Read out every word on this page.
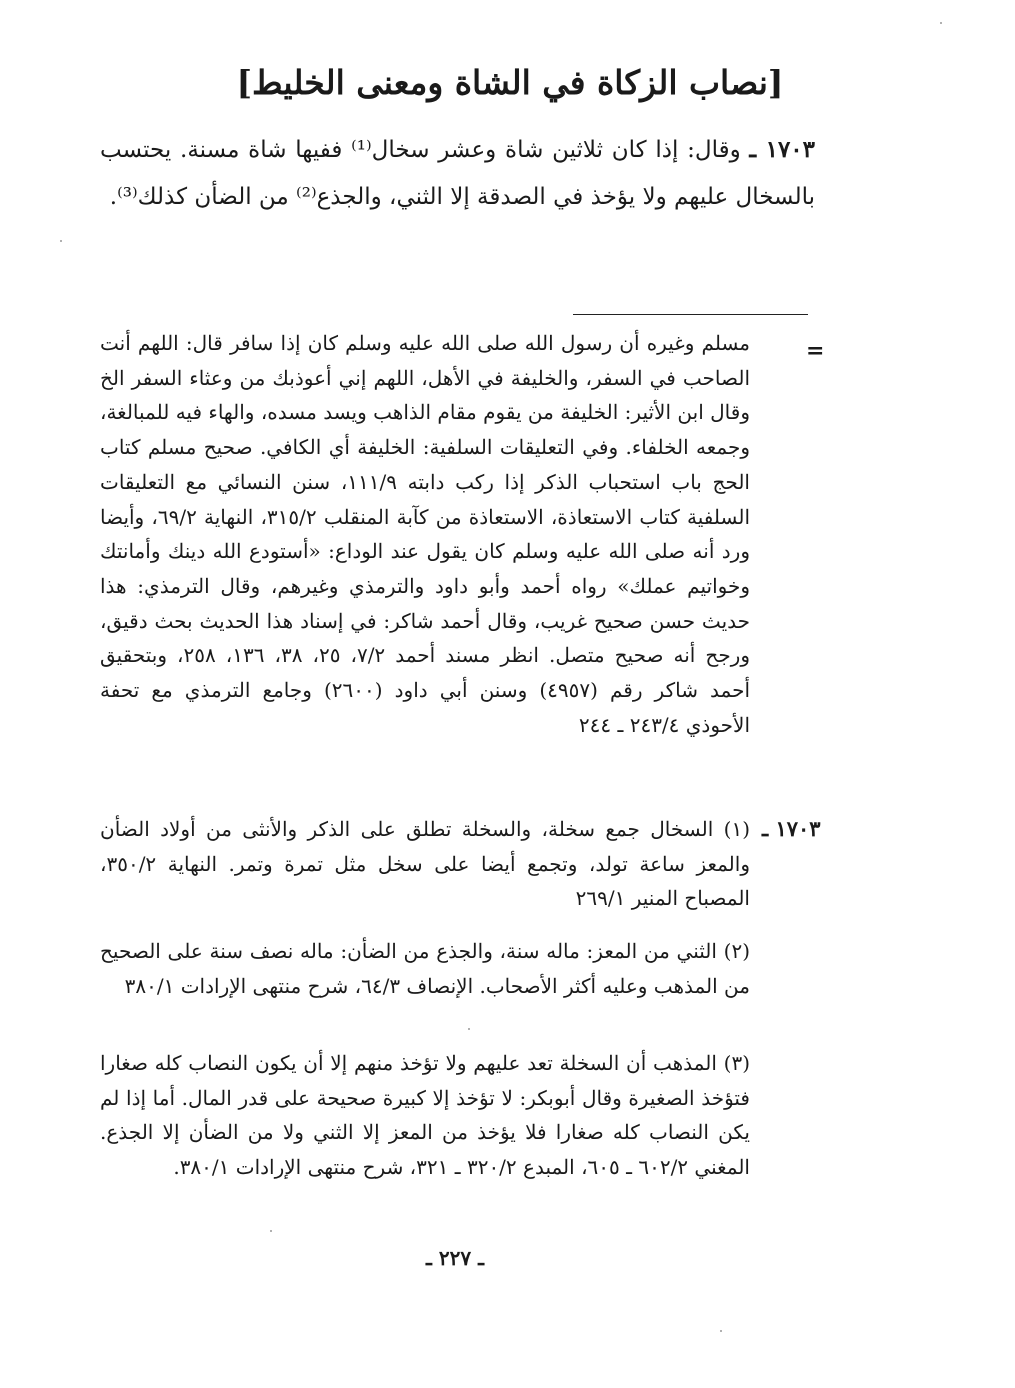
[نصاب الزكاة في الشاة ومعنى الخليط]
١٧٠٣ ـ وقال: إذا كان ثلاثين شاة وعشر سخال⁽¹⁾ ففيها شاة مسنة. يحتسب بالسخال عليهم ولا يؤخذ في الصدقة إلا الثني، والجذع⁽²⁾ من الضأن كذلك⁽³⁾.
=
مسلم وغيره أن رسول الله صلى الله عليه وسلم كان إذا سافر قال: اللهم أنت الصاحب في السفر، والخليفة في الأهل، اللهم إني أعوذبك من وعثاء السفر الخ وقال ابن الأثير: الخليفة من يقوم مقام الذاهب ويسد مسده، والهاء فيه للمبالغة، وجمعه الخلفاء. وفي التعليقات السلفية: الخليفة أي الكافي. صحيح مسلم كتاب الحج باب استحباب الذكر إذا ركب دابته ١١١/٩، سنن النسائي مع التعليقات السلفية كتاب الاستعاذة، الاستعاذة من كآبة المنقلب ٣١٥/٢، النهاية ٦٩/٢، وأيضا ورد أنه صلى الله عليه وسلم كان يقول عند الوداع: «أستودع الله دينك وأمانتك وخواتيم عملك» رواه أحمد وأبو داود والترمذي وغيرهم، وقال الترمذي: هذا حديث حسن صحيح غريب، وقال أحمد شاكر: في إسناد هذا الحديث بحث دقيق، ورجح أنه صحيح متصل. انظر مسند أحمد ٧/٢، ٢٥، ٣٨، ١٣٦، ٢٥٨، وبتحقيق أحمد شاكر رقم (٤٩٥٧) وسنن أبي داود (٢٦٠٠) وجامع الترمذي مع تحفة الأحوذي ٢٤٣/٤ ـ ٢٤٤
١٧٠٣ ـ
(١) السخال جمع سخلة، والسخلة تطلق على الذكر والأنثى من أولاد الضأن والمعز ساعة تولد، وتجمع أيضا على سخل مثل تمرة وتمر. النهاية ٣٥٠/٢، المصباح المنير ٢٦٩/١
(٢) الثني من المعز: ماله سنة، والجذع من الضأن: ماله نصف سنة على الصحيح من المذهب وعليه أكثر الأصحاب. الإنصاف ٦٤/٣، شرح منتهى الإرادات ٣٨٠/١
(٣) المذهب أن السخلة تعد عليهم ولا تؤخذ منهم إلا أن يكون النصاب كله صغارا فتؤخذ الصغيرة وقال أبوبكر: لا تؤخذ إلا كبيرة صحيحة على قدر المال. أما إذا لم يكن النصاب كله صغارا فلا يؤخذ من المعز إلا الثني ولا من الضأن إلا الجذع. المغني ٦٠٢/٢ ـ ٦٠٥، المبدع ٣٢٠/٢ ـ ٣٢١، شرح منتهى الإرادات ٣٨٠/١.
ـ ٢٢٧ ـ
